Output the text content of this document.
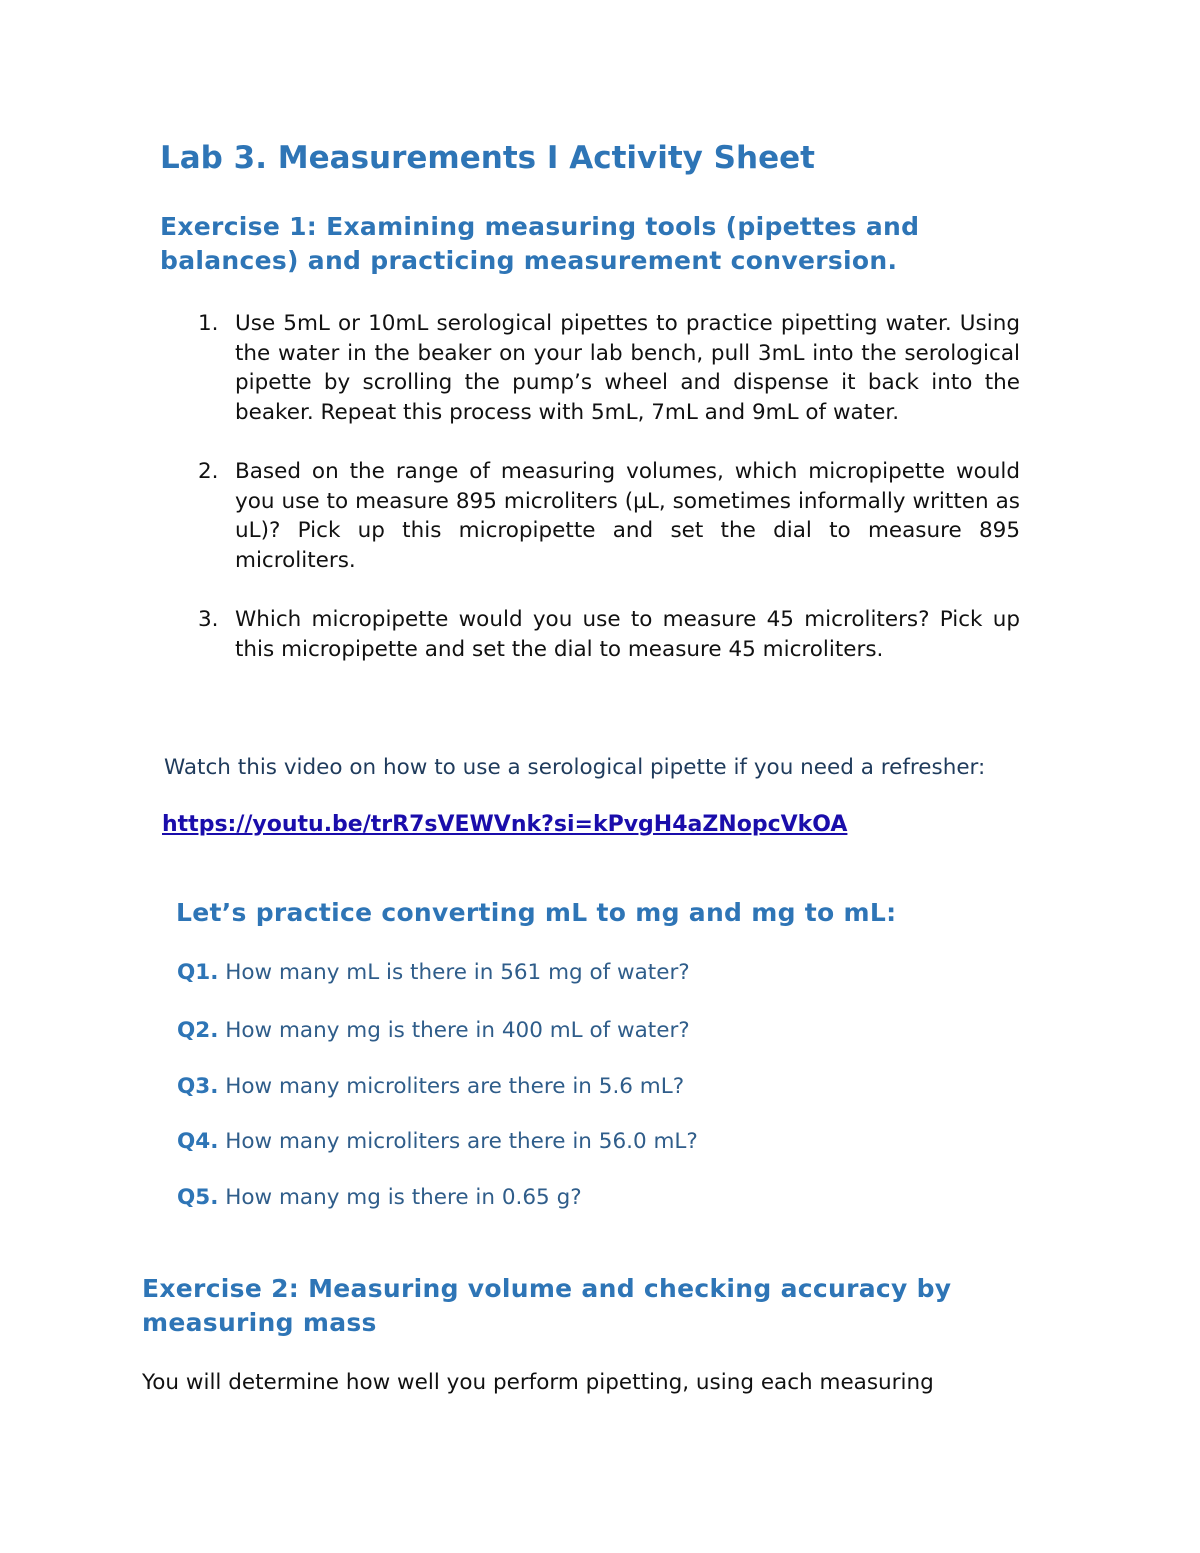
Lab 3. Measurements I Activity Sheet
Exercise 1: Examining measuring tools (pipettes and balances) and practicing measurement conversion.
1. Use 5mL or 10mL serological pipettes to practice pipetting water. Using the water in the beaker on your lab bench, pull 3mL into the serological pipette by scrolling the pump’s wheel and dispense it back into the beaker. Repeat this process with 5mL, 7mL and 9mL of water.
2. Based on the range of measuring volumes, which micropipette would you use to measure 895 microliters (µL, sometimes informally written as uL)? Pick up this micropipette and set the dial to measure 895 microliters.
3. Which micropipette would you use to measure 45 microliters? Pick up this micropipette and set the dial to measure 45 microliters.

Watch this video on how to use a serological pipette if you need a refresher:

https://youtu.be/trR7sVEWVnk?si=kPvgH4aZNopcVkOA
Let’s practice converting mL to mg and mg to mL:
Q1. How many mL is there in 561 mg of water?
Q2. How many mg is there in 400 mL of water?
Q3. How many microliters are there in 5.6 mL?
Q4. How many microliters are there in 56.0 mL?
Q5. How many mg is there in 0.65 g?
Exercise 2: Measuring volume and checking accuracy by measuring mass

You will determine how well you perform pipetting, using each measuring
